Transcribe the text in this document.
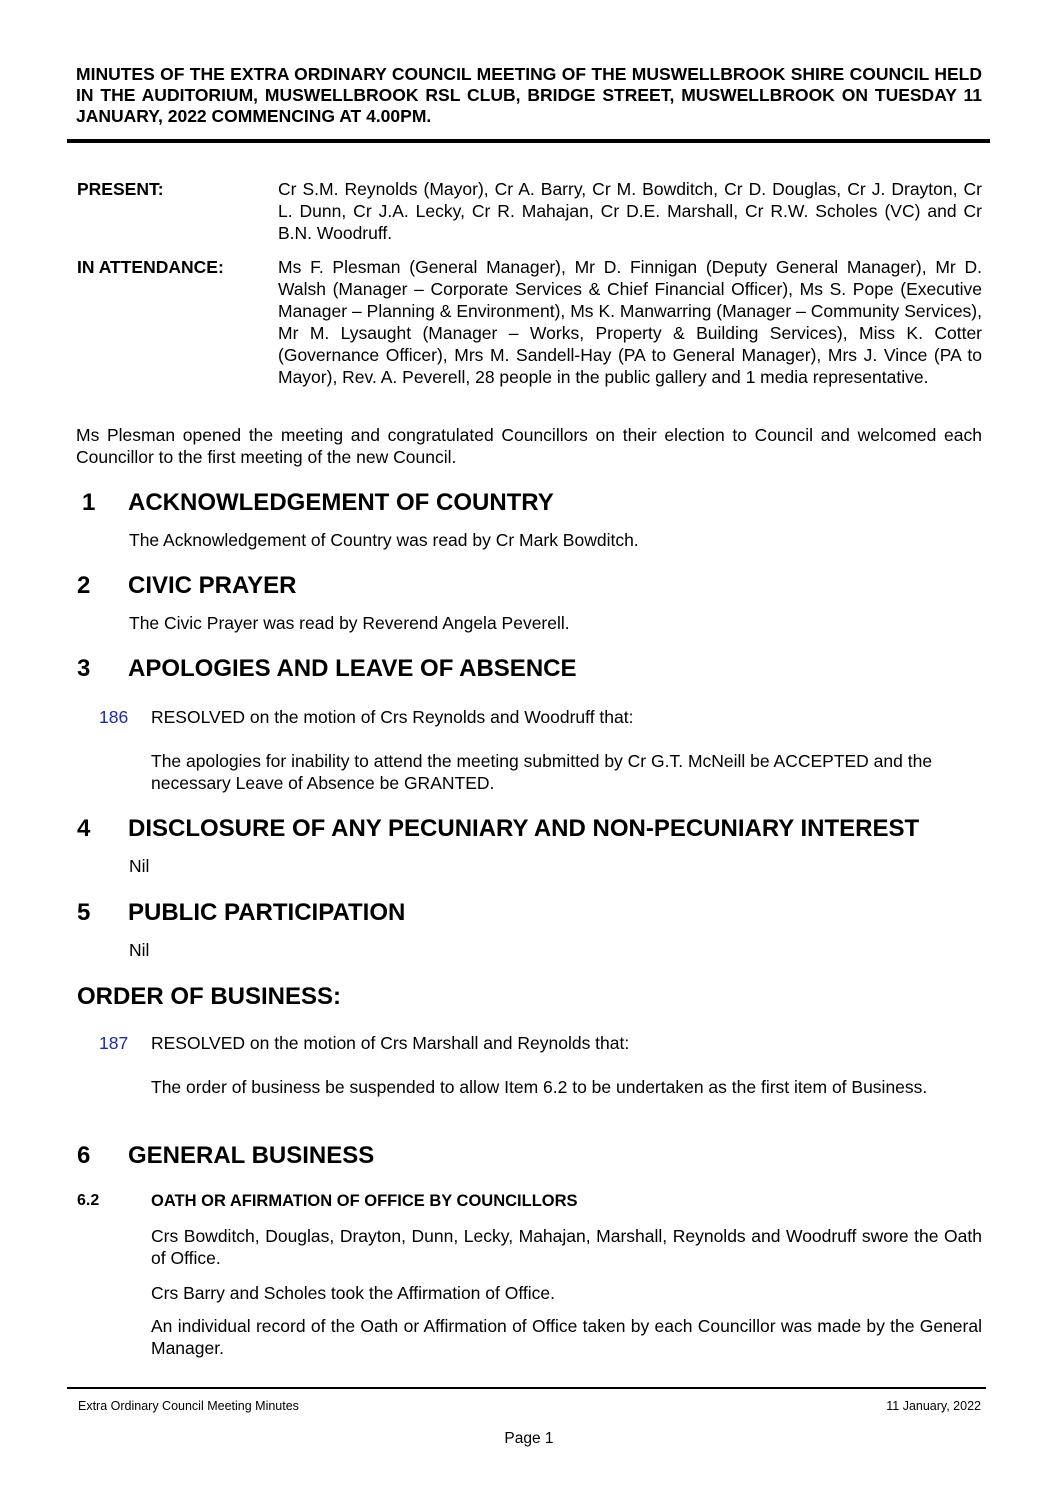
MINUTES OF THE EXTRA ORDINARY COUNCIL MEETING OF THE MUSWELLBROOK SHIRE COUNCIL HELD IN THE AUDITORIUM, MUSWELLBROOK RSL CLUB, BRIDGE STREET, MUSWELLBROOK ON TUESDAY 11 JANUARY, 2022 COMMENCING AT 4.00PM.
PRESENT:	Cr S.M. Reynolds (Mayor), Cr A. Barry, Cr M. Bowditch, Cr D. Douglas, Cr J. Drayton, Cr L. Dunn, Cr J.A. Lecky, Cr R. Mahajan, Cr D.E. Marshall, Cr R.W. Scholes (VC) and Cr B.N. Woodruff.
IN ATTENDANCE:	Ms F. Plesman (General Manager), Mr D. Finnigan (Deputy General Manager), Mr D. Walsh (Manager – Corporate Services & Chief Financial Officer), Ms S. Pope (Executive Manager – Planning & Environment), Ms K. Manwarring (Manager – Community Services), Mr M. Lysaught (Manager – Works, Property & Building Services), Miss K. Cotter (Governance Officer), Mrs M. Sandell-Hay (PA to General Manager), Mrs J. Vince (PA to Mayor), Rev. A. Peverell, 28 people in the public gallery and 1 media representative.
Ms Plesman opened the meeting and congratulated Councillors on their election to Council and welcomed each Councillor to the first meeting of the new Council.
1 ACKNOWLEDGEMENT OF COUNTRY
The Acknowledgement of Country was read by Cr Mark Bowditch.
2 CIVIC PRAYER
The Civic Prayer was read by Reverend Angela Peverell.
3 APOLOGIES AND LEAVE OF ABSENCE
186 RESOLVED on the motion of Crs Reynolds and Woodruff that:
The apologies for inability to attend the meeting submitted by Cr G.T. McNeill be ACCEPTED and the necessary Leave of Absence be GRANTED.
4 DISCLOSURE OF ANY PECUNIARY AND NON-PECUNIARY INTEREST
Nil
5 PUBLIC PARTICIPATION
Nil
ORDER OF BUSINESS:
187 RESOLVED on the motion of Crs Marshall and Reynolds that:
The order of business be suspended to allow Item 6.2 to be undertaken as the first item of Business.
6 GENERAL BUSINESS
6.2	OATH OR AFIRMATION OF OFFICE BY COUNCILLORS
Crs Bowditch, Douglas, Drayton, Dunn, Lecky, Mahajan, Marshall, Reynolds and Woodruff swore the Oath of Office.
Crs Barry and Scholes took the Affirmation of Office.
An individual record of the Oath or Affirmation of Office taken by each Councillor was made by the General Manager.
Extra Ordinary Council Meeting Minutes	11 January, 2022
Page 1
